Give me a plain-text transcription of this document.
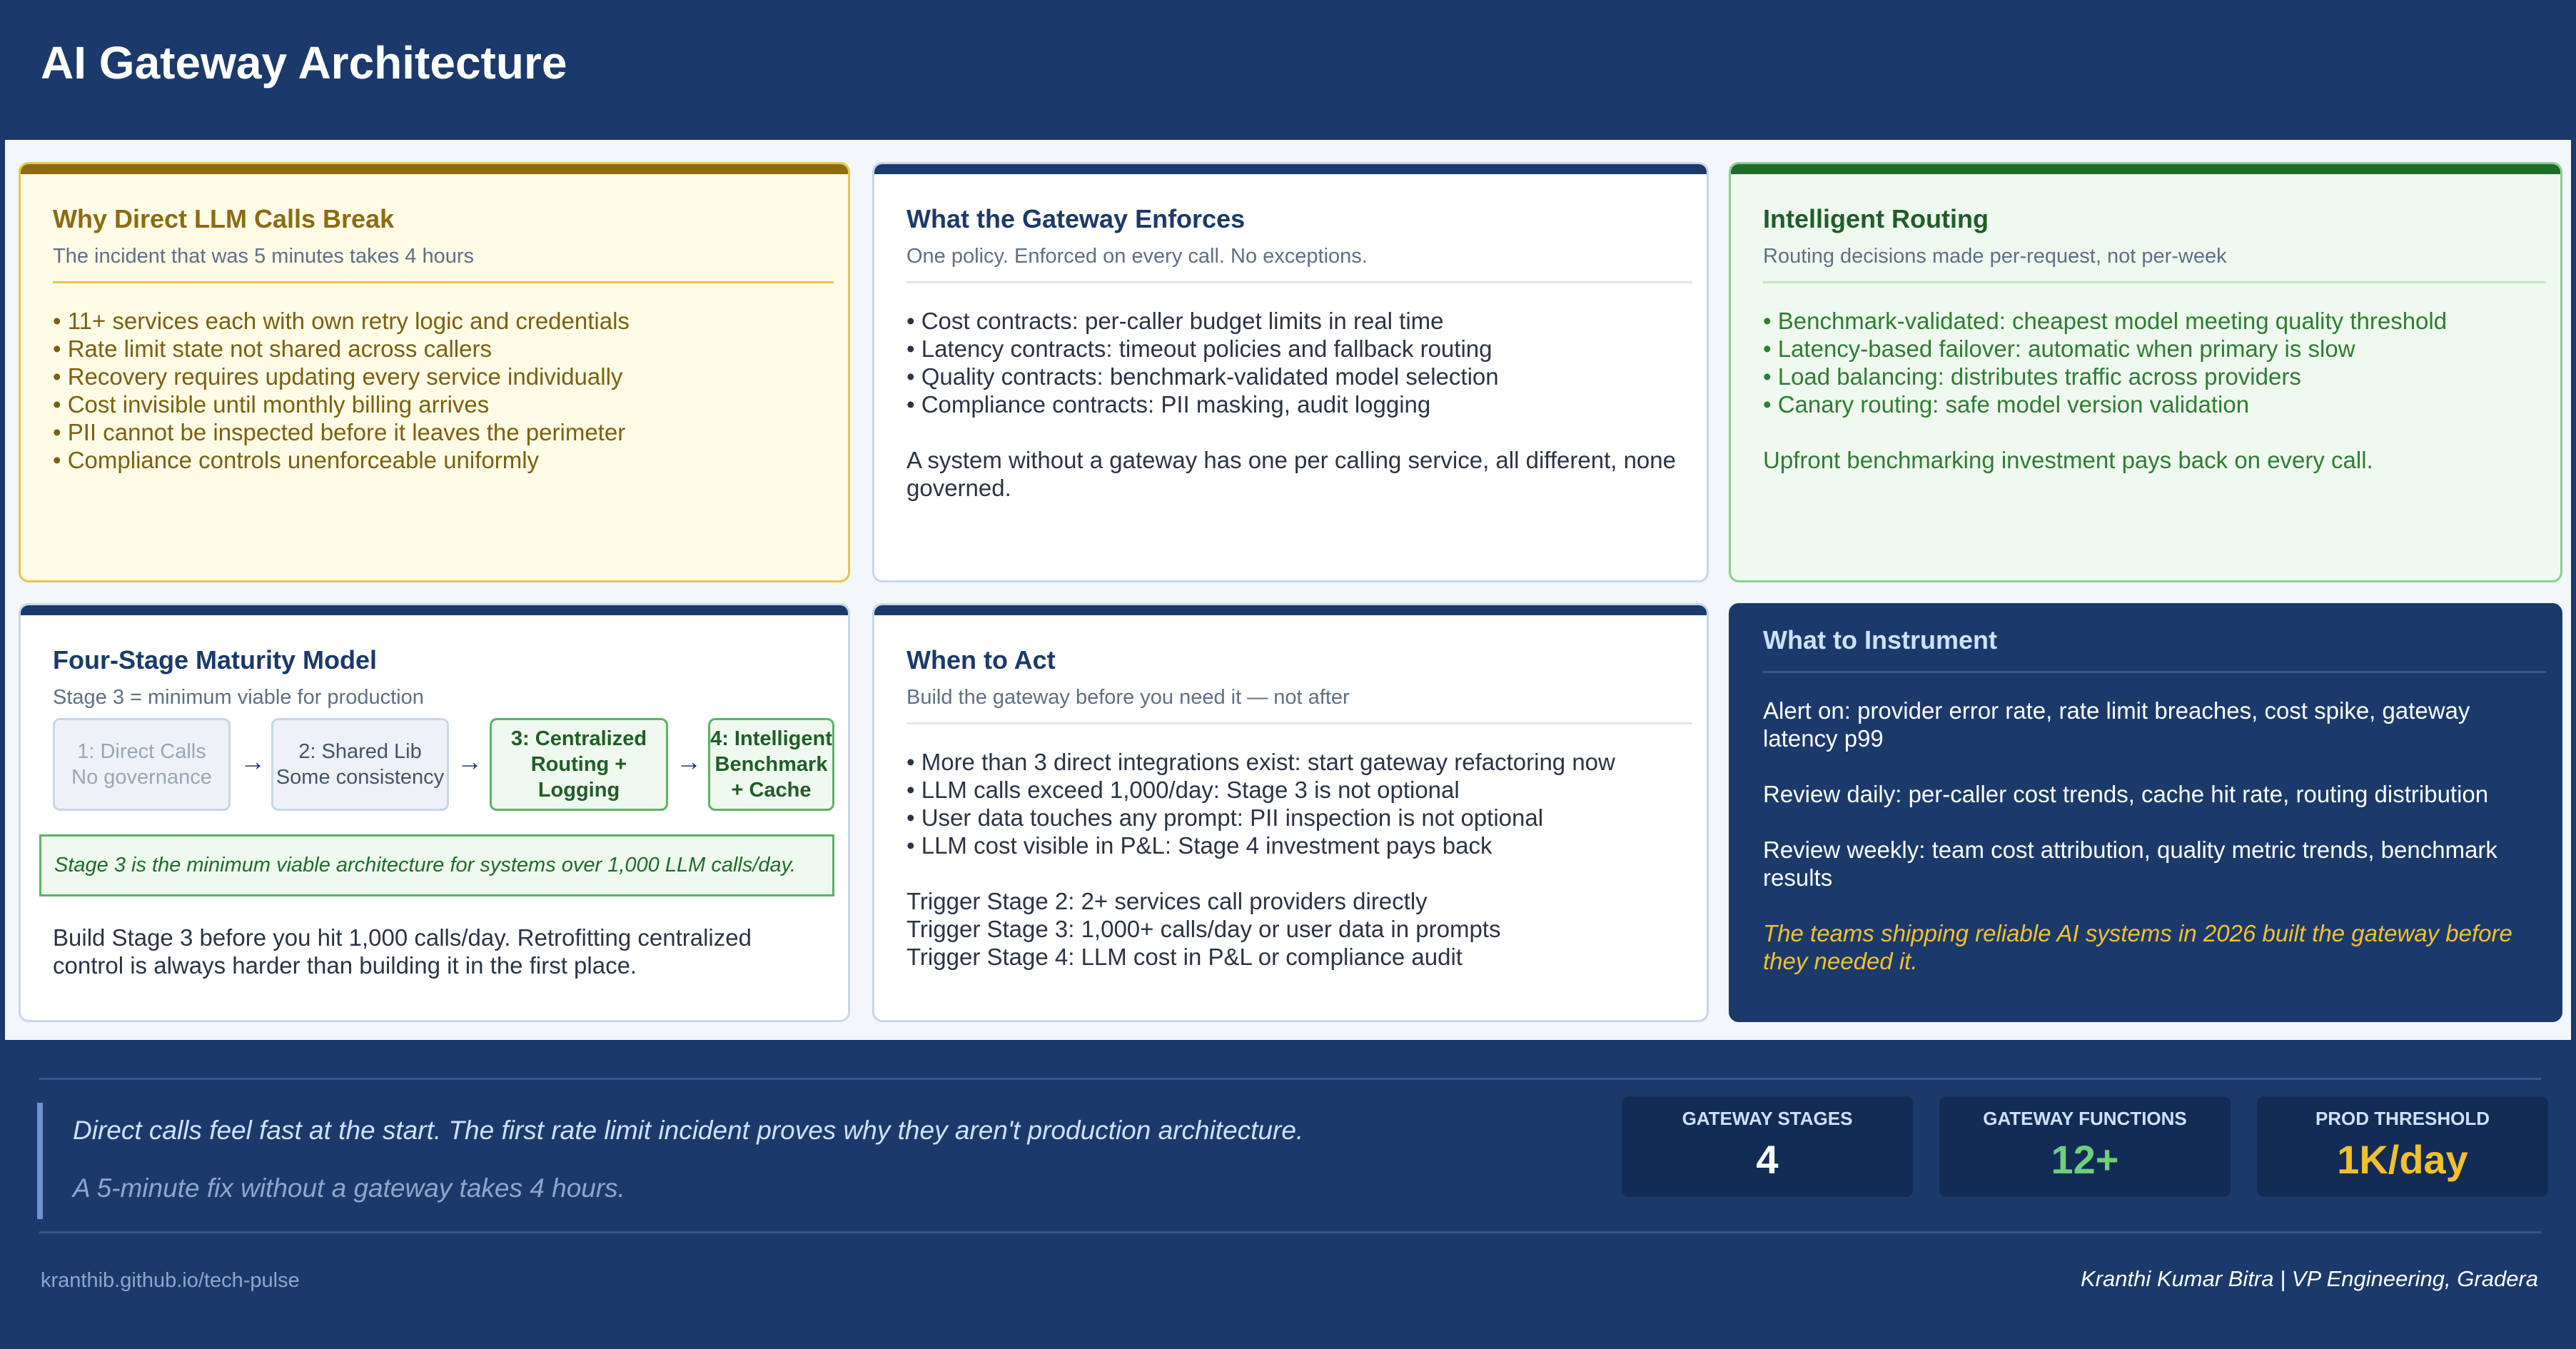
AI Gateway Architecture
Why Direct LLM Calls Break
The incident that was 5 minutes takes 4 hours
• 11+ services each with own retry logic and credentials
• Rate limit state not shared across callers
• Recovery requires updating every service individually
• Cost invisible until monthly billing arrives
• PII cannot be inspected before it leaves the perimeter
• Compliance controls unenforceable uniformly
What the Gateway Enforces
One policy. Enforced on every call. No exceptions.
• Cost contracts: per-caller budget limits in real time
• Latency contracts: timeout policies and fallback routing
• Quality contracts: benchmark-validated model selection
• Compliance contracts: PII masking, audit logging
A system without a gateway has one per calling service, all different, none governed.
Intelligent Routing
Routing decisions made per-request, not per-week
• Benchmark-validated: cheapest model meeting quality threshold
• Latency-based failover: automatic when primary is slow
• Load balancing: distributes traffic across providers
• Canary routing: safe model version validation
Upfront benchmarking investment pays back on every call.
Four-Stage Maturity Model
Stage 3 = minimum viable for production
1: Direct Calls
No governance
→	2: Shared Lib
Some consistency
→
3: Centralized
Routing + Logging
→
4: Intelligent
Benchmark + Cache
Stage 3 is the minimum viable architecture for systems over 1,000 LLM calls/day.
Build Stage 3 before you hit 1,000 calls/day. Retrofitting centralized control is always harder than building it in the first place.
When to Act
Build the gateway before you need it — not after
• More than 3 direct integrations exist: start gateway refactoring now
• LLM calls exceed 1,000/day: Stage 3 is not optional
• User data touches any prompt: PII inspection is not optional
• LLM cost visible in P&L: Stage 4 investment pays back
Trigger Stage 2: 2+ services call providers directly
Trigger Stage 3: 1,000+ calls/day or user data in prompts
Trigger Stage 4: LLM cost in P&L or compliance audit
What to Instrument
Alert on: provider error rate, rate limit breaches, cost spike, gateway latency p99
Review daily: per-caller cost trends, cache hit rate, routing distribution
Review weekly: team cost attribution, quality metric trends, benchmark results
The teams shipping reliable AI systems in 2026 built the gateway before they needed it.
Direct calls feel fast at the start. The first rate limit incident proves why they aren't production architecture.
A 5-minute fix without a gateway takes 4 hours.
GATEWAY STAGES
4
GATEWAY FUNCTIONS
12+
PROD THRESHOLD
1K/day
kranthib.github.io/tech-pulse	Kranthi Kumar Bitra | VP Engineering, Gradera
